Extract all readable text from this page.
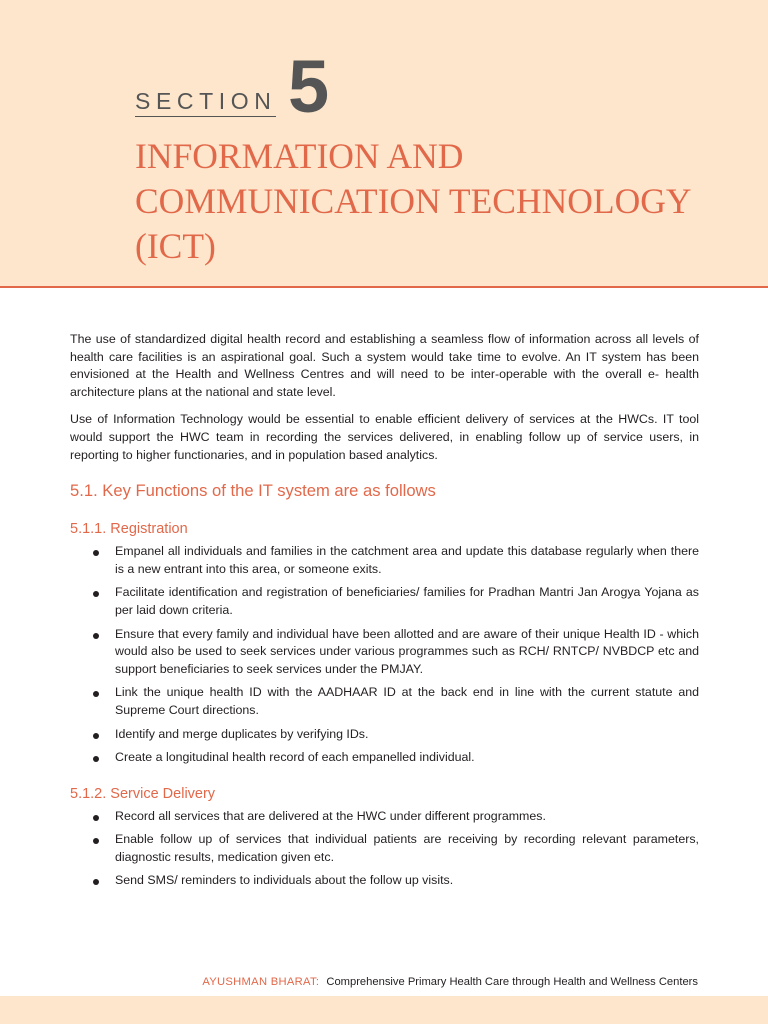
SECTION 5
INFORMATION AND
COMMUNICATION TECHNOLOGY
(ICT)

The use of standardized digital health record and establishing a seamless flow of information across all levels of health care facilities is an aspirational goal. Such a system would take time to evolve. An IT system has been envisioned at the Health and Wellness Centres and will need to be inter-operable with the overall e- health architecture plans at the national and state level.

Use of Information Technology would be essential to enable efficient delivery of services at the HWCs. IT tool would support the HWC team in recording the services delivered, in enabling follow up of service users, in reporting to higher functionaries, and in population based analytics.

5.1. Key Functions of the IT system are as follows
5.1.1. Registration
Empanel all individuals and families in the catchment area and update this database regularly when there is a new entrant into this area, or someone exits.
Facilitate identification and registration of beneficiaries/ families for Pradhan Mantri Jan Arogya Yojana as per laid down criteria.
Ensure that every family and individual have been allotted and are aware of their unique Health ID - which would also be used to seek services under various programmes such as RCH/ RNTCP/ NVBDCP etc and support beneficiaries to seek services under the PMJAY.
Link the unique health ID with the AADHAAR ID at the back end in line with the current statute and Supreme Court directions.
Identify and merge duplicates by verifying IDs.
Create a longitudinal health record of each empanelled individual.
5.1.2. Service Delivery
Record all services that are delivered at the HWC under different programmes.
Enable follow up of services that individual patients are receiving by recording relevant parameters, diagnostic results, medication given etc.
Send SMS/ reminders to individuals about the follow up visits.
AYUSHMAN BHARAT: Comprehensive Primary Health Care through Health and Wellness Centers
